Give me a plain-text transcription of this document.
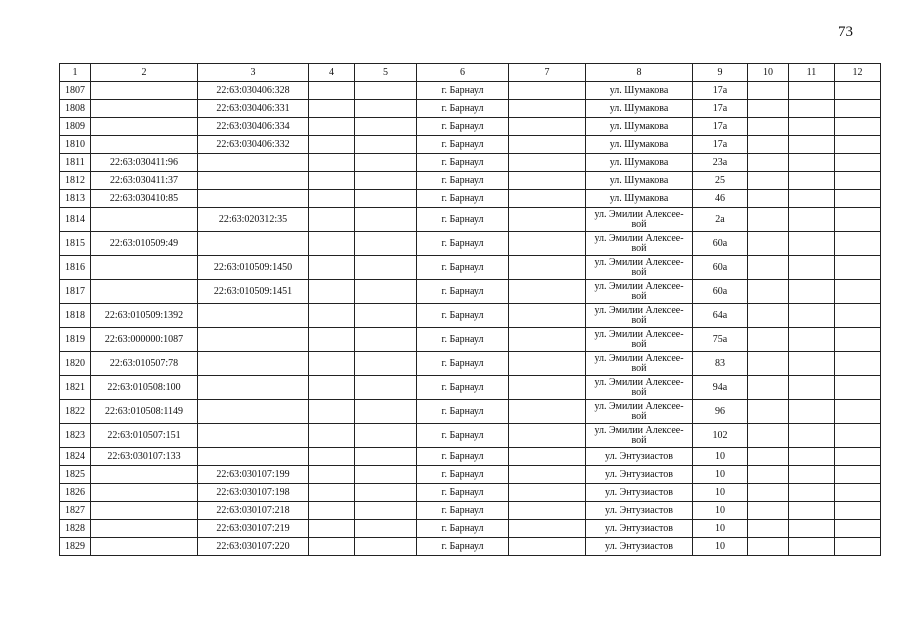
73
1	2	3	4	5	6	7	8	9	10	11	12
1807		22:63:030406:328			г. Барнаул		ул. Шумакова	17а			
1808		22:63:030406:331			г. Барнаул		ул. Шумакова	17а			
1809		22:63:030406:334			г. Барнаул		ул. Шумакова	17а			
1810		22:63:030406:332			г. Барнаул		ул. Шумакова	17а			
1811	22:63:030411:96				г. Барнаул		ул. Шумакова	23а			
1812	22:63:030411:37				г. Барнаул		ул. Шумакова	25			
1813	22:63:030410:85				г. Барнаул		ул. Шумакова	46			
1814		22:63:020312:35			г. Барнаул		ул. Эмилии Алексее-вой	2а			
1815	22:63:010509:49				г. Барнаул		ул. Эмилии Алексее-вой	60а			
1816		22:63:010509:1450			г. Барнаул		ул. Эмилии Алексее-вой	60а			
1817		22:63:010509:1451			г. Барнаул		ул. Эмилии Алексее-вой	60а			
1818	22:63:010509:1392				г. Барнаул		ул. Эмилии Алексее-вой	64а			
1819	22:63:000000:1087				г. Барнаул		ул. Эмилии Алексее-вой	75а			
1820	22:63:010507:78				г. Барнаул		ул. Эмилии Алексее-вой	83			
1821	22:63:010508:100				г. Барнаул		ул. Эмилии Алексее-вой	94а			
1822	22:63:010508:1149				г. Барнаул		ул. Эмилии Алексее-вой	96			
1823	22:63:010507:151				г. Барнаул		ул. Эмилии Алексее-вой	102			
1824	22:63:030107:133				г. Барнаул		ул. Энтузиастов	10			
1825		22:63:030107:199			г. Барнаул		ул. Энтузиастов	10			
1826		22:63:030107:198			г. Барнаул		ул. Энтузиастов	10			
1827		22:63:030107:218			г. Барнаул		ул. Энтузиастов	10			
1828		22:63:030107:219			г. Барнаул		ул. Энтузиастов	10			
1829		22:63:030107:220			г. Барнаул		ул. Энтузиастов	10			
